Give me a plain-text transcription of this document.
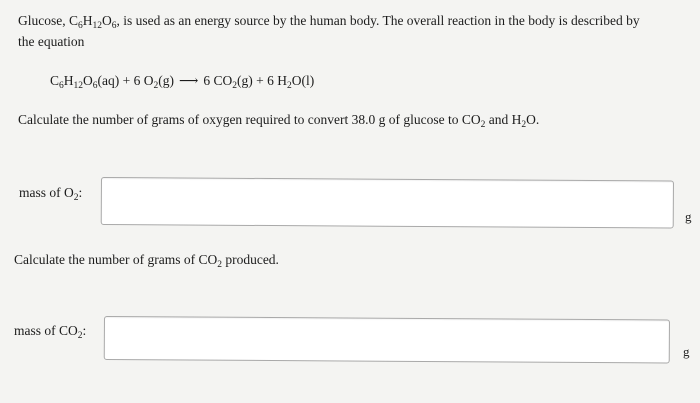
Glucose, $C_6H_{12}O_6$, is used as an energy source by the human body. The overall reaction in the body is described by
the equation
$C_6H_{12}O_6(aq) + 6$ $O_2(g)$ ⟶ 6 $CO_2(g) + 6$ $H_2O(l)$
Calculate the number of grams of oxygen required to convert 38.0 g of glucose to $CO_2$ and $H_2O$.
mass of $O_2$:
g
Calculate the number of grams of $CO_2$ produced.
mass of $CO_2$:
g
